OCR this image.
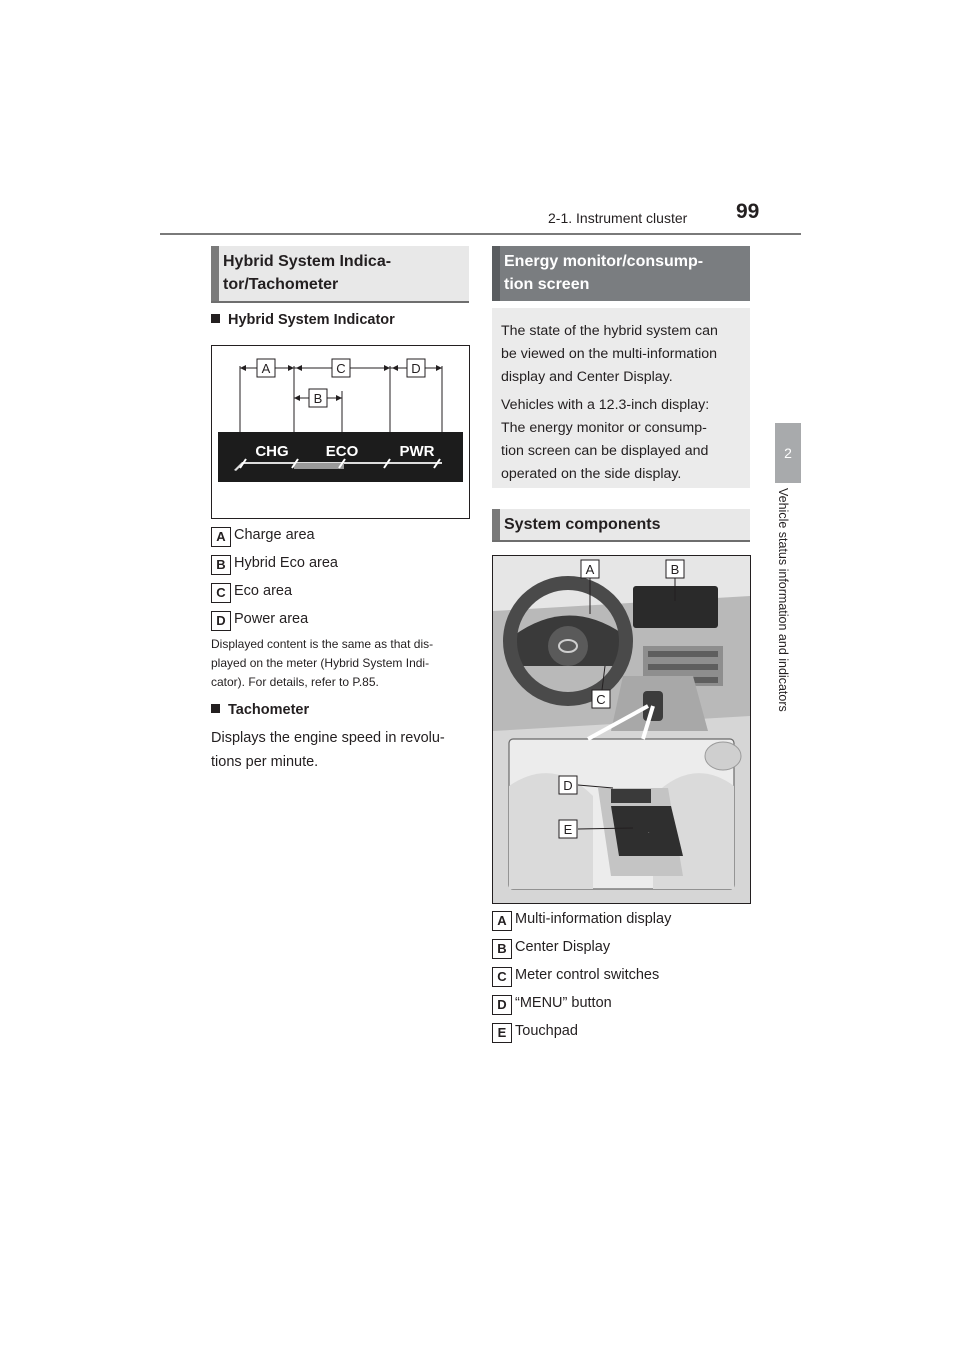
2-1. Instrument cluster 99
2
Vehicle status information and indicators
Hybrid System Indica-
tor/Tachometer
Hybrid System Indicator
A	C	D
B
CHG ECO	PWR
A Charge area
B Hybrid Eco area
C Eco area
D Power area
Displayed content is the same as that dis-
played on the meter (Hybrid System Indi-
cator). For details, refer to P.85.
Tachometer
Displays the engine speed in revolu-
tions per minute.
Energy monitor/consump-
tion screen
The state of the hybrid system can
be viewed on the multi-information
display and Center Display.
Vehicles with a 12.3-inch display:
The energy monitor or consump-
tion screen can be displayed and
operated on the side display.
System components
·
A	B
C
D
E
A Multi-information display
B Center Display
C Meter control switches
D “MENU” button
E Touchpad
